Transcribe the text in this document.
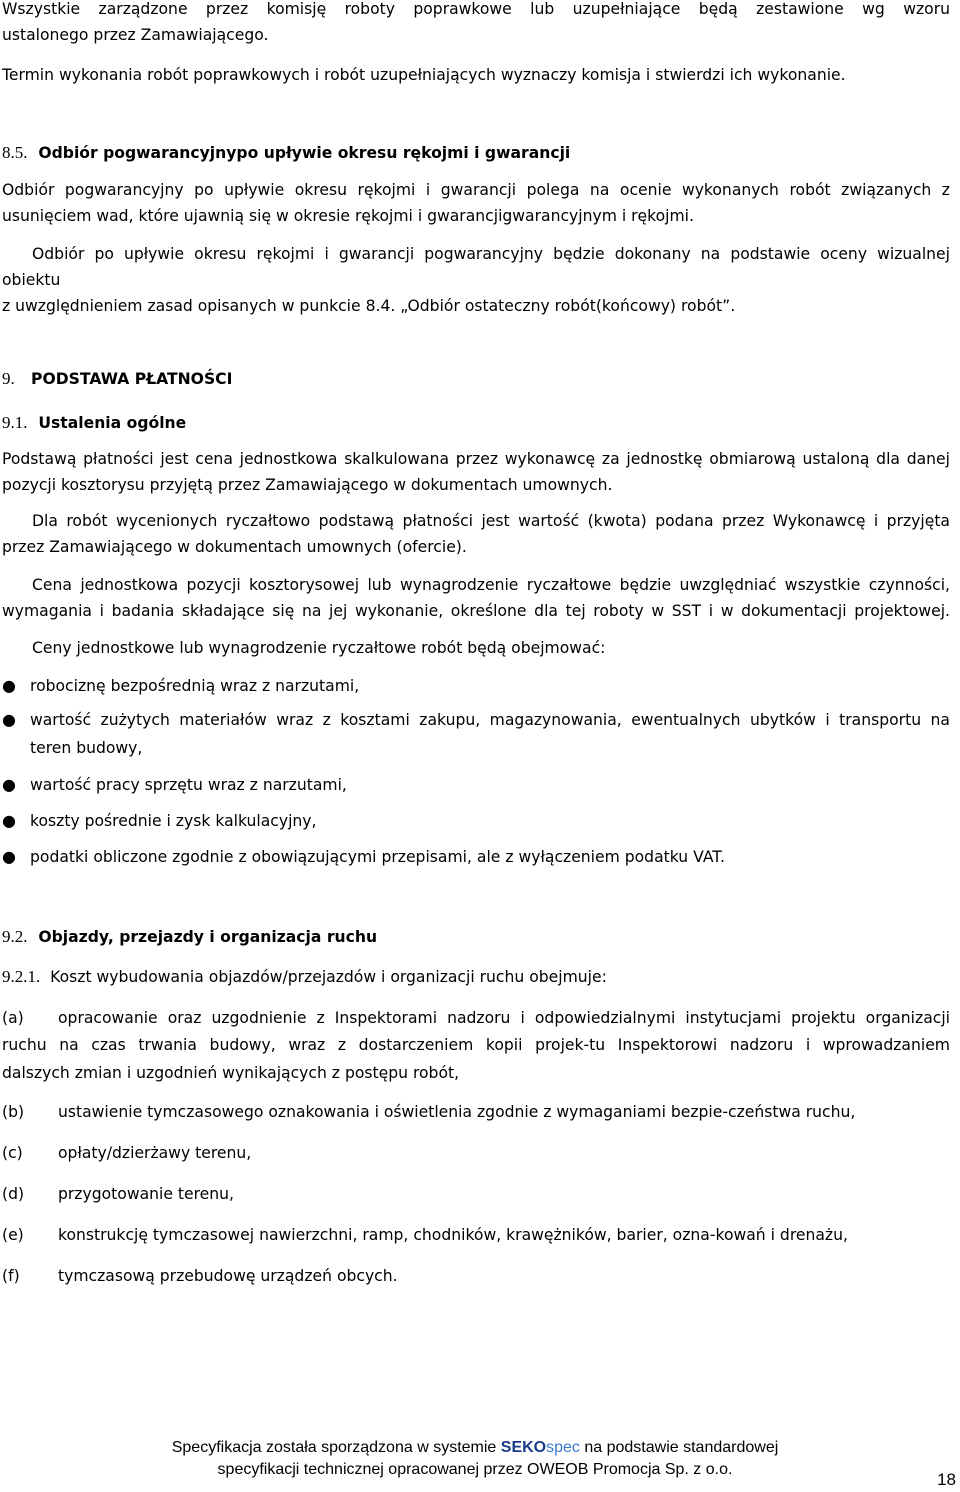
Wszystkie zarządzone przez komisję roboty poprawkowe lub uzupełniające będą zestawione wg wzoru

ustalonego przez Zamawiającego.

Termin wykonania robót poprawkowych i robót uzupełniających wyznaczy komisja i stwierdzi ich wykonanie.

8.5. Odbiór pogwarancyjnypo upływie okresu rękojmi i gwarancji

Odbiór pogwarancyjny po upływie okresu rękojmi i gwarancji polega na ocenie wykonanych robót związanych z

usunięciem wad, które ujawnią się w okresie rękojmi i gwarancjigwarancyjnym i rękojmi.

Odbiór po upływie okresu rękojmi i gwarancji pogwarancyjny będzie dokonany na podstawie oceny wizualnej

obiektu

z uwzględnieniem zasad opisanych w punkcie 8.4. „Odbiór ostateczny robót(końcowy) robót”.

9. PODSTAWA PŁATNOŚCI
9.1. Ustalenia ogólne

Podstawą płatności jest cena jednostkowa skalkulowana przez wykonawcę za jednostkę obmiarową ustaloną dla danej

pozycji kosztorysu przyjętą przez Zamawiającego w dokumentach umownych.

Dla robót wycenionych ryczałtowo podstawą płatności jest wartość (kwota) podana przez Wykonawcę i przyjęta

przez Zamawiającego w dokumentach umownych (ofercie).

Cena jednostkowa pozycji kosztorysowej lub wynagrodzenie ryczałtowe będzie uwzględniać wszystkie czynności,

wymagania i badania składające się na jej wykonanie, określone dla tej roboty w SST i w dokumentacji projektowej.

Ceny jednostkowe lub wynagrodzenie ryczałtowe robót będą obejmować:

● robociznę bezpośrednią wraz z narzutami,

● wartość zużytych materiałów wraz z kosztami zakupu, magazynowania, ewentualnych ubytków i transportu na

teren budowy,

● wartość pracy sprzętu wraz z narzutami,

● koszty pośrednie i zysk kalkulacyjny,

● podatki obliczone zgodnie z obowiązującymi przepisami, ale z wyłączeniem podatku VAT.

9.2. Objazdy, przejazdy i organizacja ruchu
9.2.1. Koszt wybudowania objazdów/przejazdów i organizacji ruchu obejmuje:
(a) opracowanie oraz uzgodnienie z Inspektorami nadzoru i odpowiedzialnymi instytucjami projektu organizacji

ruchu na czas trwania budowy, wraz z dostarczeniem kopii projek-tu Inspektorowi nadzoru i wprowadzaniem

dalszych zmian i uzgodnień wynikających z postępu robót,

(b) ustawienie tymczasowego oznakowania i oświetlenia zgodnie z wymaganiami bezpie-czeństwa ruchu,

(c) opłaty/dzierżawy terenu,

(d) przygotowanie terenu,

(e) konstrukcję tymczasowej nawierzchni, ramp, chodników, krawężników, barier, ozna-kowań i drenażu,

(f) tymczasową przebudowę urządzeń obcych.

Specyfikacja została sporządzona w systemie SEKOspec na podstawie standardowej
specyfikacji technicznej opracowanej przez OWEOB Promocja Sp. z o.o.
18
